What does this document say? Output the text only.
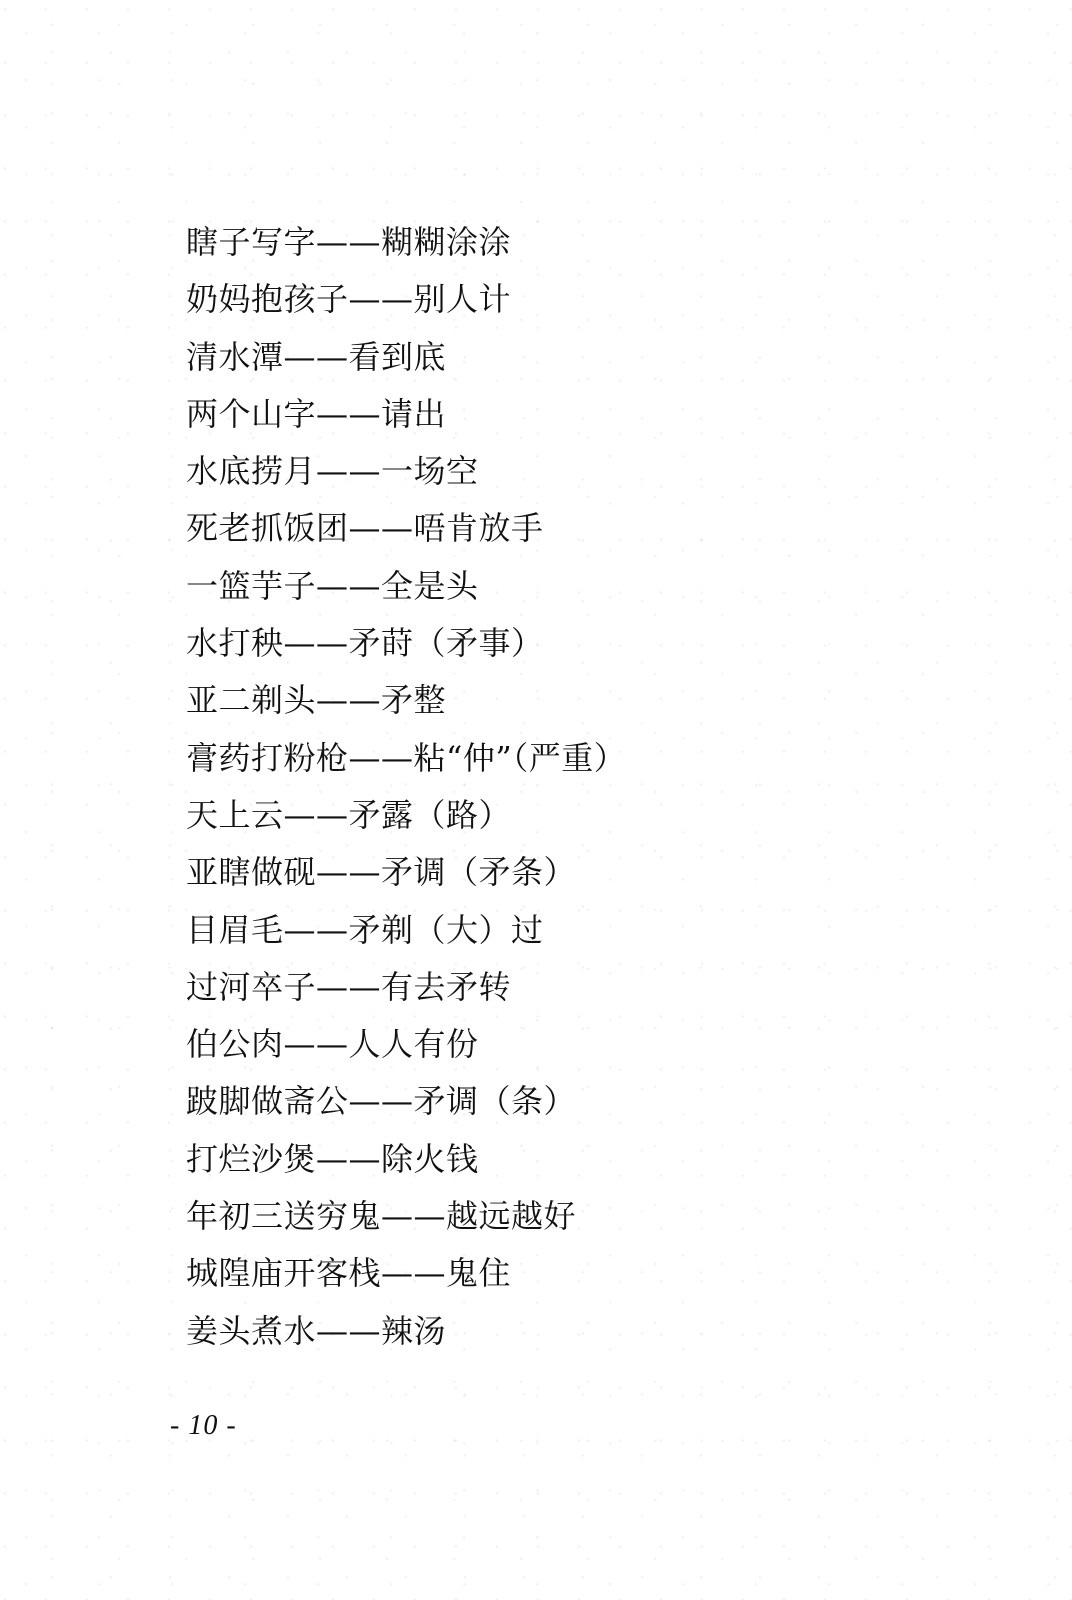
瞎子写字——糊糊涂涂
奶妈抱孩子——别人计
清水潭——看到底
两个山字——请出
水底捞月——一场空
死老抓饭团——唔肯放手
一篮芋子——全是头
水打秧——矛莳（矛事）
亚二剃头——矛整
膏药打粉枪——粘“仲”（严重）
天上云——矛露（路）
亚瞎做砚——矛调（矛条）
目眉毛——矛剃（大）过
过河卒子——有去矛转
伯公肉——人人有份
跛脚做斋公——矛调（条）
打烂沙煲——除火钱
年初三送穷鬼——越远越好
城隍庙开客栈——鬼住
姜头煮水——辣汤
- 10 -
